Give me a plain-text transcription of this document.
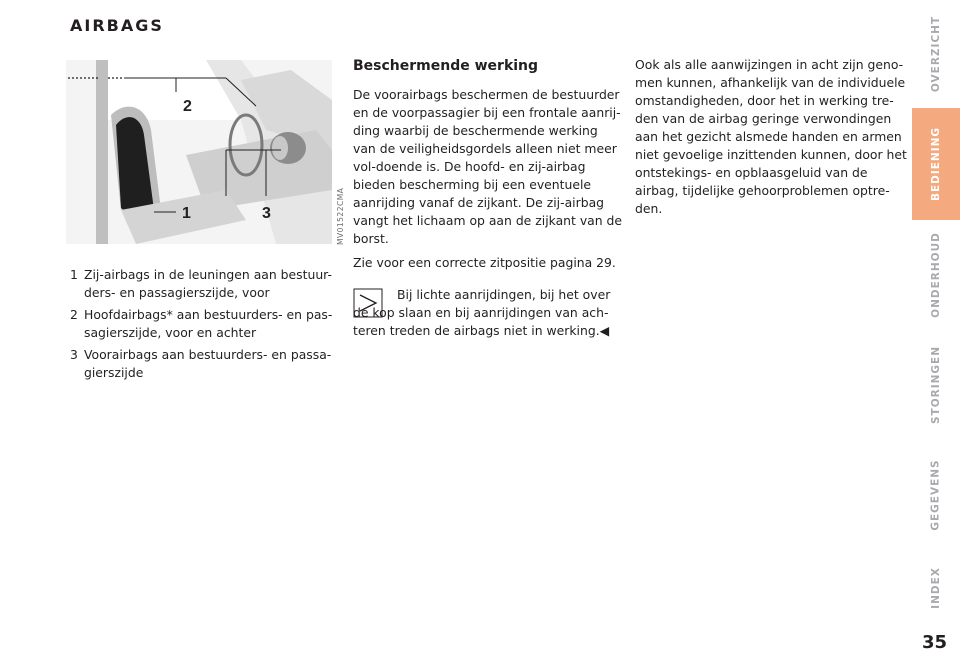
AIRBAGS
2
1	3	MV01522CMA
1 Zij-airbags in de leuningen aan bestuur-ders- en passagierszijde, voor
2 Hoofdairbags* aan bestuurders- en pas-sagierszijde, voor en achter
3 Voorairbags aan bestuurders- en passa-gierszijde
Beschermende werking

De voorairbags beschermen de bestuurder en de voorpassagier bij een frontale aanrij-ding waarbij de beschermende werking van de veiligheidsgordels alleen niet meer vol-doende is. De hoofd- en zij-airbag bieden bescherming bij een eventuele aanrijding vanaf de zijkant. De zij-airbag vangt het lichaam op aan de zijkant van de borst.

Zie voor een correcte zitpositie pagina 29.

Bij lichte aanrijdingen, bij het over de kop slaan en bij aanrijdingen van ach-teren treden de airbags niet in werking.◀

Ook als alle aanwijzingen in acht zijn geno-men kunnen, afhankelijk van de individuele omstandigheden, door het in werking tre-den van de airbag geringe verwondingen aan het gezicht alsmede handen en armen niet gevoelige inzittenden kunnen, door het ontstekings- en opblaasgeluid van de airbag, tijdelijke gehoorproblemen optre-den.

OVERZICHT
BEDIENING
ONDERHOUD
STORINGEN
GEGEVENS
INDEX
35
